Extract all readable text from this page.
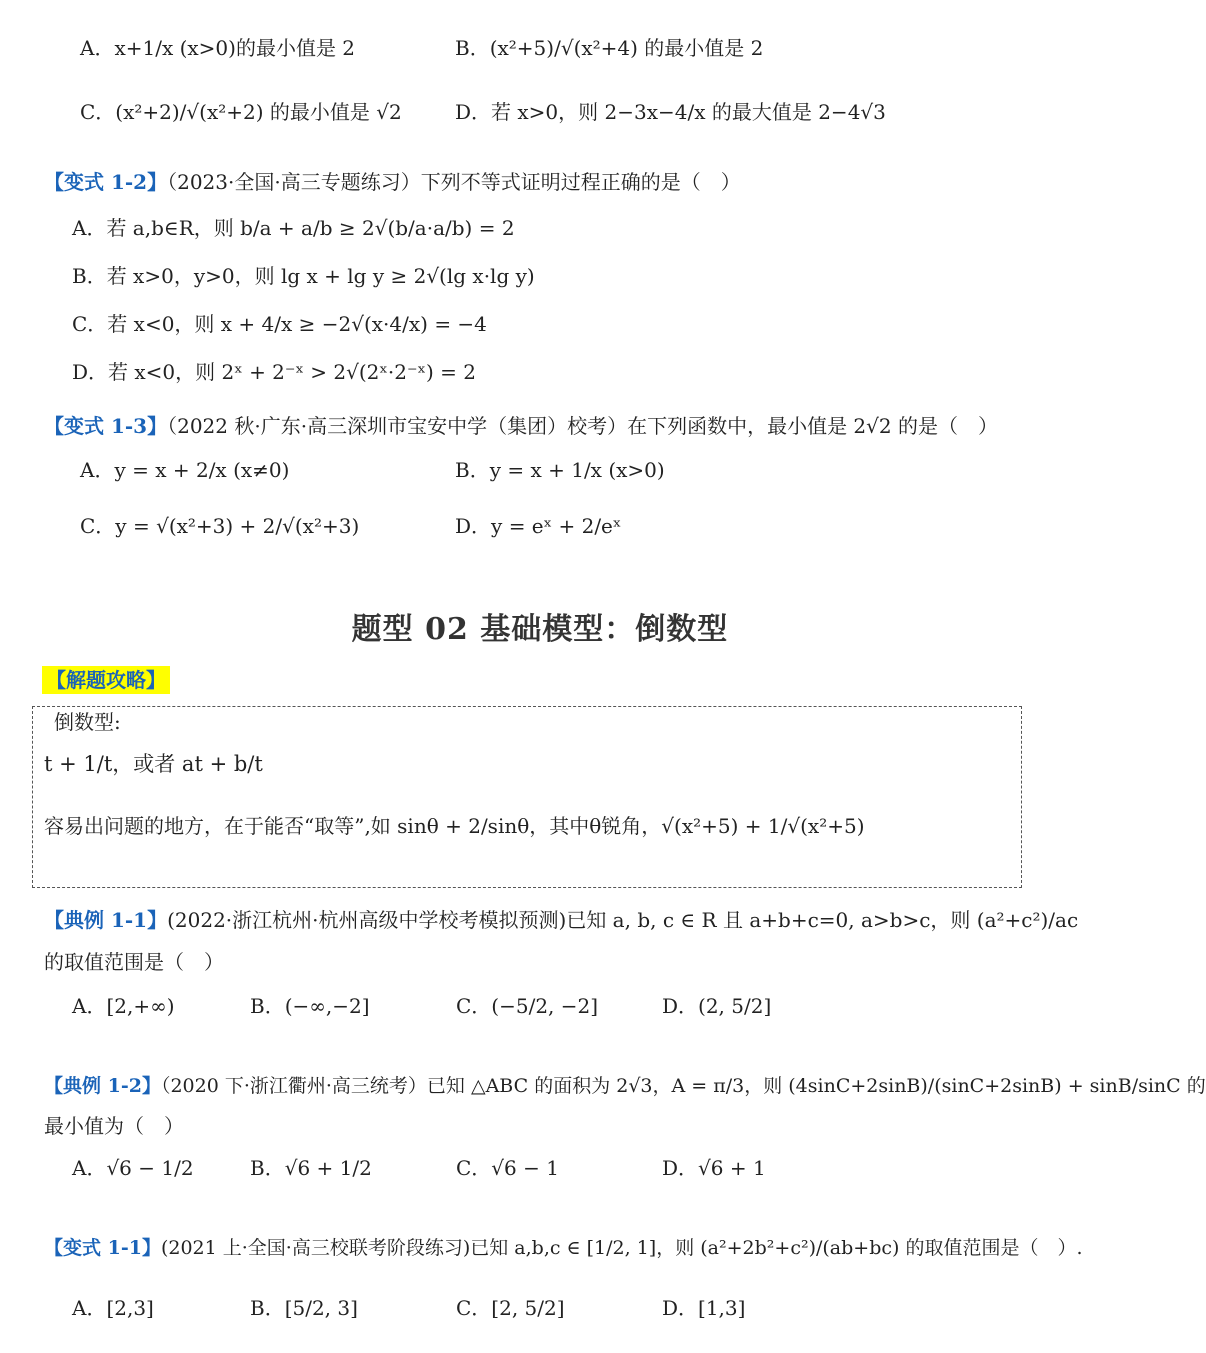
A．x+1/x (x>0)的最小值是 2	B．(x²+5)/√(x²+4) 的最小值是 2
C．(x²+2)/√(x²+2) 的最小值是 √2	D．若 x>0，则 2−3x−4/x 的最大值是 2−4√3
【变式 1-2】（2023·全国·高三专题练习）下列不等式证明过程正确的是（　）
A．若 a,b∈R，则 b/a + a/b ≥ 2√(b/a·a/b) = 2
B．若 x>0，y>0，则 lg x + lg y ≥ 2√(lg x·lg y)
C．若 x<0，则 x + 4/x ≥ −2√(x·4/x) = −4
D．若 x<0，则 2ˣ + 2⁻ˣ > 2√(2ˣ·2⁻ˣ) = 2
【变式 1-3】（2022 秋·广东·高三深圳市宝安中学（集团）校考）在下列函数中，最小值是 2√2 的是（　）
A．y = x + 2/x (x≠0)	B．y = x + 1/x (x>0)
C．y = √(x²+3) + 2/√(x²+3)	D．y = eˣ + 2/eˣ
题型 02 基础模型：倒数型
【解题攻略】
倒数型:
t + 1/t，或者 at + b/t
容易出问题的地方，在于能否“取等”,如 sinθ + 2/sinθ，其中θ锐角，√(x²+5) + 1/√(x²+5)
【典例 1-1】(2022·浙江杭州·杭州高级中学校考模拟预测)已知 a, b, c ∈ R 且 a+b+c=0, a>b>c，则 (a²+c²)/ac
的取值范围是（　）
A．[2,+∞)	B．(−∞,−2]	C．(−5/2, −2]	D．(2, 5/2]
【典例 1-2】（2020 下·浙江衢州·高三统考）已知 △ABC 的面积为 2√3，A = π/3，则 (4sinC+2sinB)/(sinC+2sinB) + sinB/sinC 的
最小值为（　）
A．√6 − 1/2	B．√6 + 1/2	C．√6 − 1	D．√6 + 1
【变式 1-1】(2021 上·全国·高三校联考阶段练习)已知 a,b,c ∈ [1/2, 1]，则 (a²+2b²+c²)/(ab+bc) 的取值范围是（　）.
A．[2,3]	B．[5/2, 3]	C．[2, 5/2]	D．[1,3]
